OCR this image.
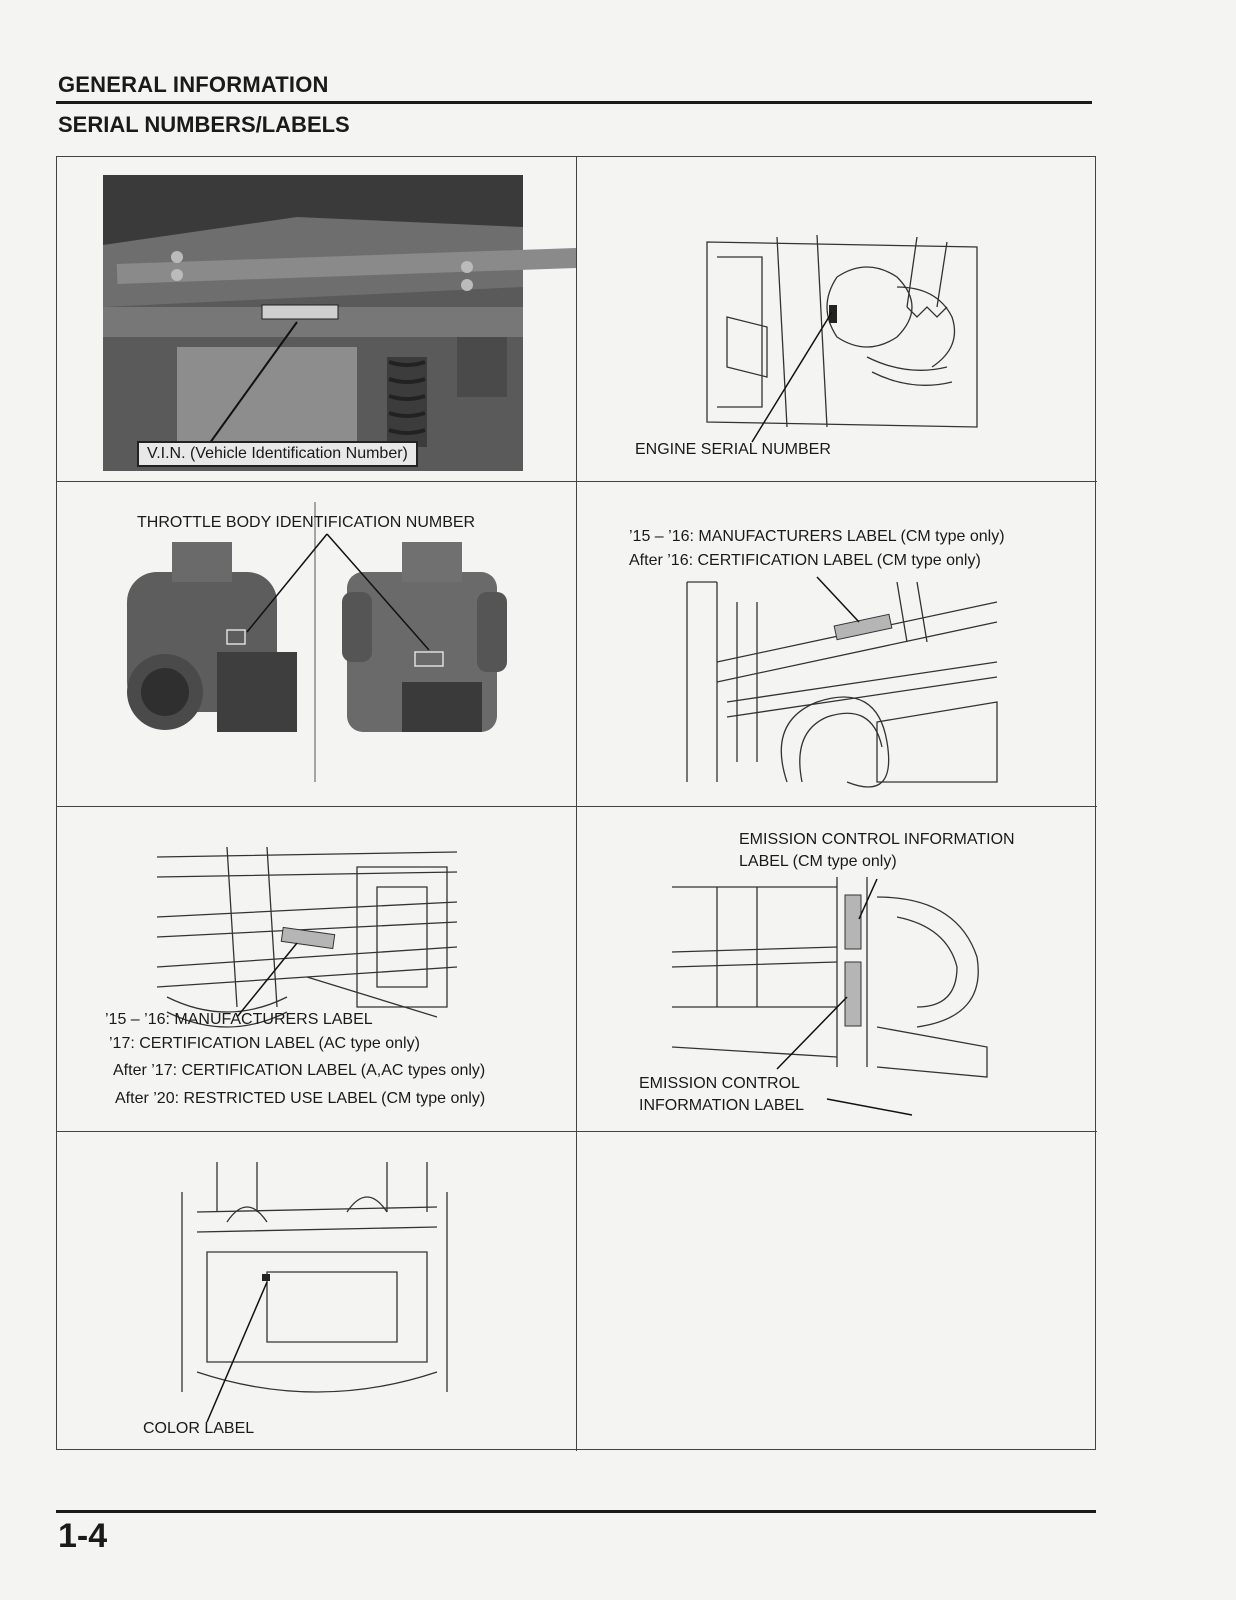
GENERAL INFORMATION
SERIAL NUMBERS/LABELS
V.I.N. (Vehicle Identification Number)	ENGINE SERIAL NUMBER
THROTTLE BODY IDENTIFICATION NUMBER
’15 – ’16: MANUFACTURERS LABEL (CM type only)
After ’16: CERTIFICATION LABEL (CM type only)
’15 – ’16: MANUFACTURERS LABEL
’17: CERTIFICATION LABEL (AC type only)
After ’17: CERTIFICATION LABEL (A,AC types only)
After ’20: RESTRICTED USE LABEL (CM type only)
EMISSION CONTROL INFORMATION
LABEL (CM type only)
EMISSION CONTROL
INFORMATION LABEL
COLOR LABEL
1-4
